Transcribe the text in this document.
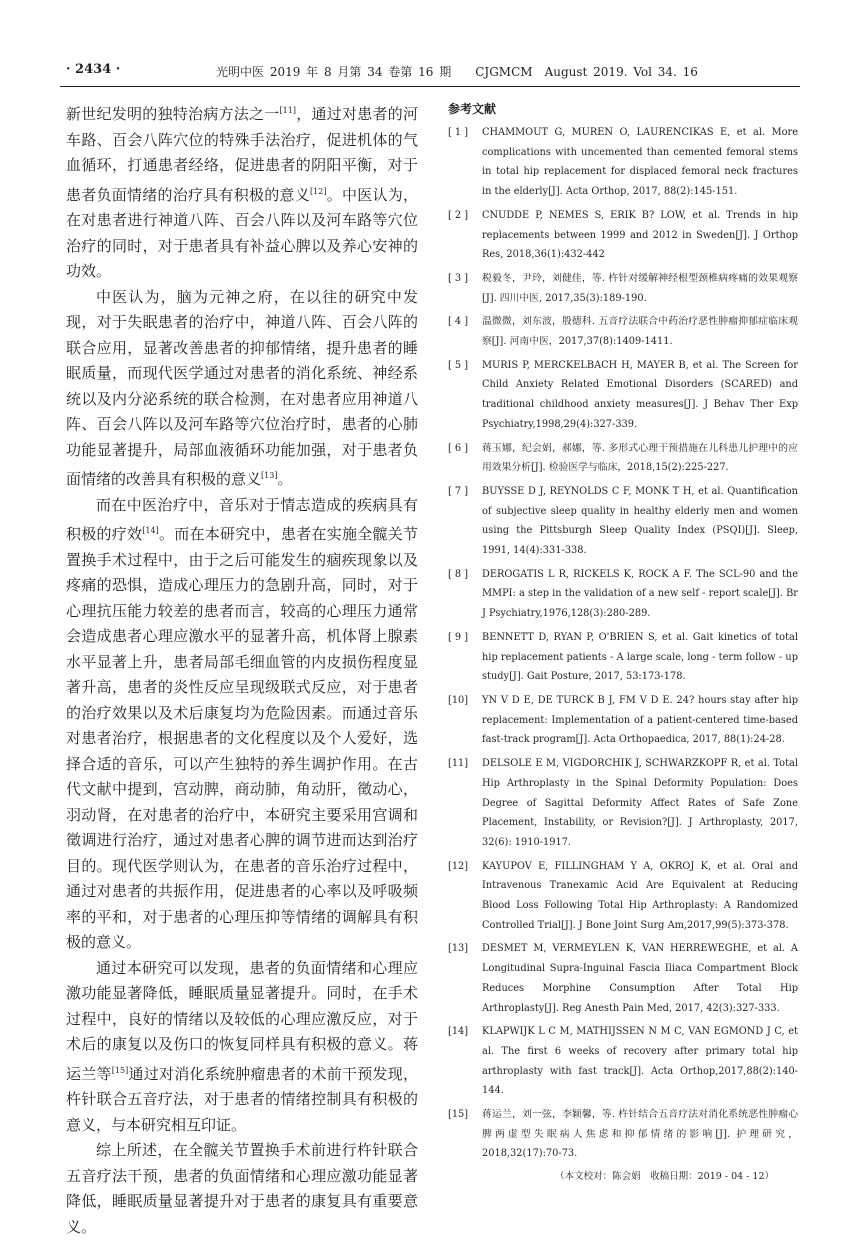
· 2434 ·	光明中医 2019 年 8 月第 34 卷第 16 期　　CJGMCM　August 2019. Vol 34. 16

新世纪发明的独特治病方法之一[11]，通过对患者的河车路、百会八阵穴位的特殊手法治疗，促进机体的气血循环，打通患者经络，促进患者的阴阳平衡，对于患者负面情绪的治疗具有积极的意义[12]。中医认为，在对患者进行神道八阵、百会八阵以及河车路等穴位治疗的同时，对于患者具有补益心脾以及养心安神的功效。

中医认为，脑为元神之府，在以往的研究中发现，对于失眠患者的治疗中，神道八阵、百会八阵的联合应用，显著改善患者的抑郁情绪，提升患者的睡眠质量，而现代医学通过对患者的消化系统、神经系统以及内分泌系统的联合检测，在对患者应用神道八阵、百会八阵以及河车路等穴位治疗时，患者的心肺功能显著提升，局部血液循环功能加强，对于患者负面情绪的改善具有积极的意义[13]。

而在中医治疗中，音乐对于情志造成的疾病具有积极的疗效[14]。而在本研究中，患者在实施全髋关节置换手术过程中，由于之后可能发生的痼疾现象以及疼痛的恐惧，造成心理压力的急剧升高，同时，对于心理抗压能力较差的患者而言，较高的心理压力通常会造成患者心理应激水平的显著升高，机体肾上腺素水平显著上升，患者局部毛细血管的内皮损伤程度显著升高，患者的炎性反应呈现级联式反应，对于患者的治疗效果以及术后康复均为危险因素。而通过音乐对患者治疗，根据患者的文化程度以及个人爱好，选择合适的音乐，可以产生独特的养生调护作用。在古代文献中提到，宫动脾，商动肺，角动肝，徵动心，羽动肾，在对患者的治疗中，本研究主要采用宫调和徵调进行治疗，通过对患者心脾的调节进而达到治疗目的。现代医学则认为，在患者的音乐治疗过程中，通过对患者的共振作用，促进患者的心率以及呼吸频率的平和，对于患者的心理压抑等情绪的调解具有积极的意义。

通过本研究可以发现，患者的负面情绪和心理应激功能显著降低，睡眠质量显著提升。同时，在手术过程中，良好的情绪以及较低的心理应激反应，对于术后的康复以及伤口的恢复同样具有积极的意义。蒋运兰等[15]通过对消化系统肿瘤患者的术前干预发现，杵针联合五音疗法，对于患者的情绪控制具有积极的意义，与本研究相互印证。

综上所述，在全髋关节置换手术前进行杵针联合五音疗法干预，患者的负面情绪和心理应激功能显著降低，睡眠质量显著提升对于患者的康复具有重要意义。

参考文献
[ 1 ] CHAMMOUT G, MUREN O, LAURENCIKAS E, et al. More complications with uncemented than cemented femoral stems in total hip replacement for displaced femoral neck fractures in the elderly[J]. Acta Orthop, 2017, 88(2):145-151.
[ 2 ] CNUDDE P, NEMES S, ERIK B? LOW, et al. Trends in hip replacements between 1999 and 2012 in Sweden[J]. J Orthop Res, 2018,36(1):432-442
[ 3 ] 税毅冬，尹玲，刘健佳，等. 杵针对缓解神经根型颈椎病疼痛的效果观察[J]. 四川中医, 2017,35(3):189-190.
[ 4 ] 温微微，刘东波，殷德科. 五音疗法联合中药治疗恶性肿瘤抑郁症临床观察[J]. 河南中医，2017,37(8):1409-1411.
[ 5 ] MURIS P, MERCKELBACH H, MAYER B, et al. The Screen for Child Anxiety Related Emotional Disorders (SCARED) and traditional childhood anxiety measures[J]. J Behav Ther Exp Psychiatry,1998,29(4):327-339.
[ 6 ] 蒋玉娜，纪会娟，郝娜，等. 多形式心理干预措施在儿科患儿护理中的应用效果分析[J]. 检验医学与临床，2018,15(2):225-227.
[ 7 ] BUYSSE D J, REYNOLDS C F, MONK T H, et al. Quantification of subjective sleep quality in healthy elderly men and women using the Pittsburgh Sleep Quality Index (PSQI)[J]. Sleep, 1991, 14(4):331-338.
[ 8 ] DEROGATIS L R, RICKELS K, ROCK A F. The SCL-90 and the MMPI: a step in the validation of a new self - report scale[J]. Br J Psychiatry,1976,128(3):280-289.
[ 9 ] BENNETT D, RYAN P, O'BRIEN S, et al. Gait kinetics of total hip replacement patients - A large scale, long - term follow - up study[J]. Gait Posture, 2017, 53:173-178.
[10] YN V D E, DE TURCK B J, FM V D E. 24? hours stay after hip replacement: Implementation of a patient-centered time-based fast-track program[J]. Acta Orthopaedica, 2017, 88(1):24-28.
[11] DELSOLE E M, VIGDORCHIK J, SCHWARZKOPF R, et al. Total Hip Arthroplasty in the Spinal Deformity Population: Does Degree of Sagittal Deformity Affect Rates of Safe Zone Placement, Instability, or Revision?[J]. J Arthroplasty, 2017, 32(6): 1910-1917.
[12] KAYUPOV E, FILLINGHAM Y A, OKROJ K, et al. Oral and Intravenous Tranexamic Acid Are Equivalent at Reducing Blood Loss Following Total Hip Arthroplasty: A Randomized Controlled Trial[J]. J Bone Joint Surg Am,2017,99(5):373-378.
[13] DESMET M, VERMEYLEN K, VAN HERREWEGHE, et al. A Longitudinal Supra-Inguinal Fascia Iliaca Compartment Block Reduces Morphine Consumption After Total Hip Arthroplasty[J]. Reg Anesth Pain Med, 2017, 42(3):327-333.
[14] KLAPWIJK L C M, MATHIJSSEN N M C, VAN EGMOND J C, et al. The first 6 weeks of recovery after primary total hip arthroplasty with fast track[J]. Acta Orthop,2017,88(2):140-144.
[15] 蒋运兰，刘一弦，李颖馨，等. 杵针结合五音疗法对消化系统恶性肿瘤心脾两虚型失眠病人焦虑和抑郁情绪的影响[J]. 护理研究，2018,32(17):70-73.
（本文校对：陈会娟　收稿日期：2019 - 04 - 12）
